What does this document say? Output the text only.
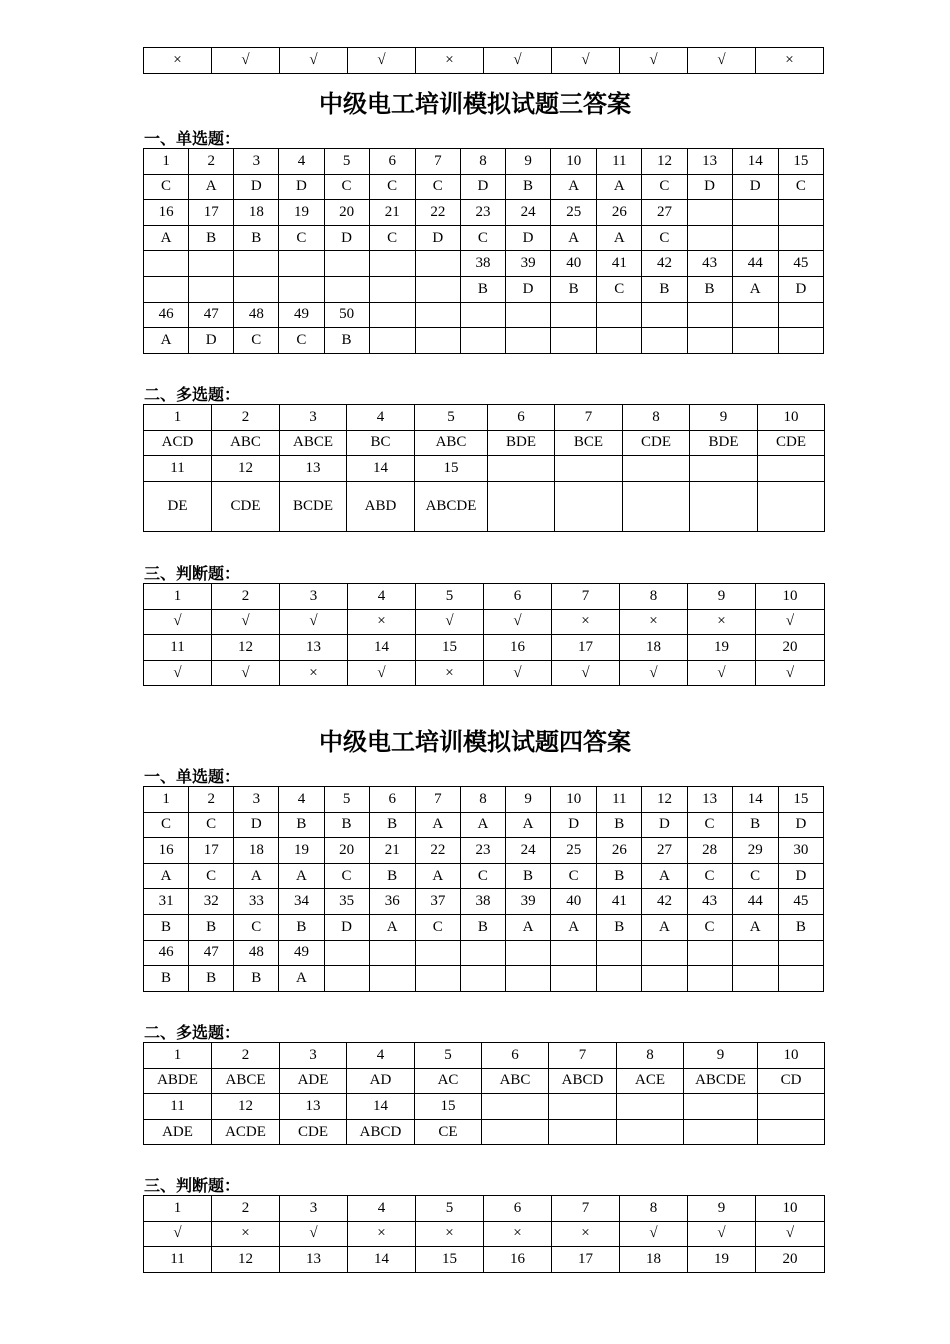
×	√	√	√	×	√	√	√	√	×
中级电工培训模拟试题三答案
一、单选题：
1	2	3	4	5	6	7	8	9	10	11	12	13	14	15
C	A	D	D	C	C	C	D	B	A	A	C	D	D	C
16	17	18	19	20	21	22	23	24	25	26	27			
A	B	B	C	D	C	D	C	D	A	A	C			
							38	39	40	41	42	43	44	45
							B	D	B	C	B	B	A	D
46	47	48	49	50										
A	D	C	C	B										
二、多选题：
1	2	3	4	5	6	7	8	9	10
ACD	ABC	ABCE	BC	ABC	BDE	BCE	CDE	BDE	CDE
11	12	13	14	15					
DE	CDE	BCDE	ABD	ABCDE					
三、判断题：
1	2	3	4	5	6	7	8	9	10
√	√	√	×	√	√	×	×	×	√
11	12	13	14	15	16	17	18	19	20
√	√	×	√	×	√	√	√	√	√
中级电工培训模拟试题四答案
一、单选题：
1	2	3	4	5	6	7	8	9	10	11	12	13	14	15
C	C	D	B	B	B	A	A	A	D	B	D	C	B	D
16	17	18	19	20	21	22	23	24	25	26	27	28	29	30
A	C	A	A	C	B	A	C	B	C	B	A	C	C	D
31	32	33	34	35	36	37	38	39	40	41	42	43	44	45
B	B	C	B	D	A	C	B	A	A	B	A	C	A	B
46	47	48	49											
B	B	B	A											
二、多选题：
1	2	3	4	5	6	7	8	9	10
ABDE	ABCE	ADE	AD	AC	ABC	ABCD	ACE	ABCDE	CD
11	12	13	14	15					
ADE	ACDE	CDE	ABCD	CE					
三、判断题：
1	2	3	4	5	6	7	8	9	10
√	×	√	×	×	×	×	√	√	√
11	12	13	14	15	16	17	18	19	20
